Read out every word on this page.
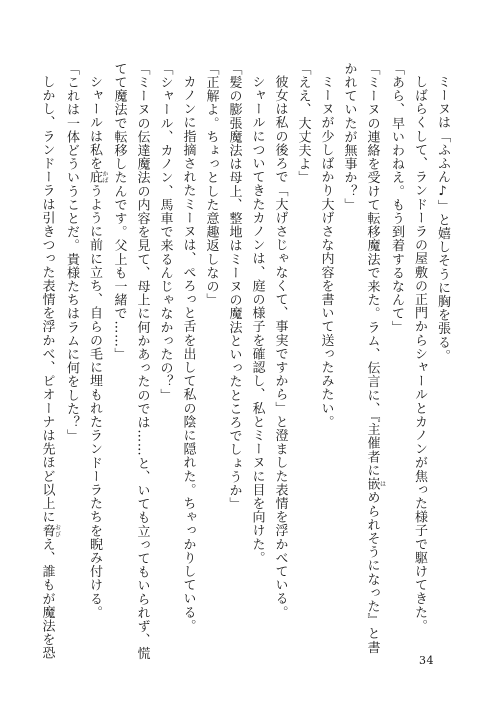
ミーヌは「ふふん♪」と嬉しそうに胸を張る。
しばらくして、ランドーラの屋敷の正門からシャールとカノンが焦った様子で駆けてきた。
「あら、早いわねえ。もう到着するなんて」
「ミーヌの連絡を受けて転移魔法で来た。ラム、伝言に、『主催者に嵌 はめられそうになった』と書
かれていたが無事か？」
ミーヌが少しばかり大げさな内容を書いて送ったみたい。
「ええ、大丈夫よ」
彼女は私の後ろで「大げさじゃなくて、事実ですから」と澄ました表情を浮かべている。
シャールについてきたカノンは、庭の様子を確認し、私とミーヌに目を向けた。
「髪の膨張魔法は母上、整地はミーヌの魔法といったところでしょうか」
「正解よ。ちょっとした意趣返しなの」
カノンに指摘されたミーヌは、ぺろっと舌を出して私の陰に隠れた。ちゃっかりしている。
「シャール、カノン、馬車で来るんじゃなかったの？」
「ミーヌの伝達魔法の内容を見て、母上に何かあったのでは……と、いても立ってもいられず、慌
てて魔法で転移したんです。父上も一緒で……」
シャールは私を庇 かばうように前に立ち、自らの毛に埋もれたランドーラたちを睨み付ける。
「これは一体どういうことだ。貴様たちはラムに何をした？」
しかし、ランドーラは引きつった表情を浮かべ、ピオーナは先ほど以上に脅 おびえ、誰もが魔法を恐
34
